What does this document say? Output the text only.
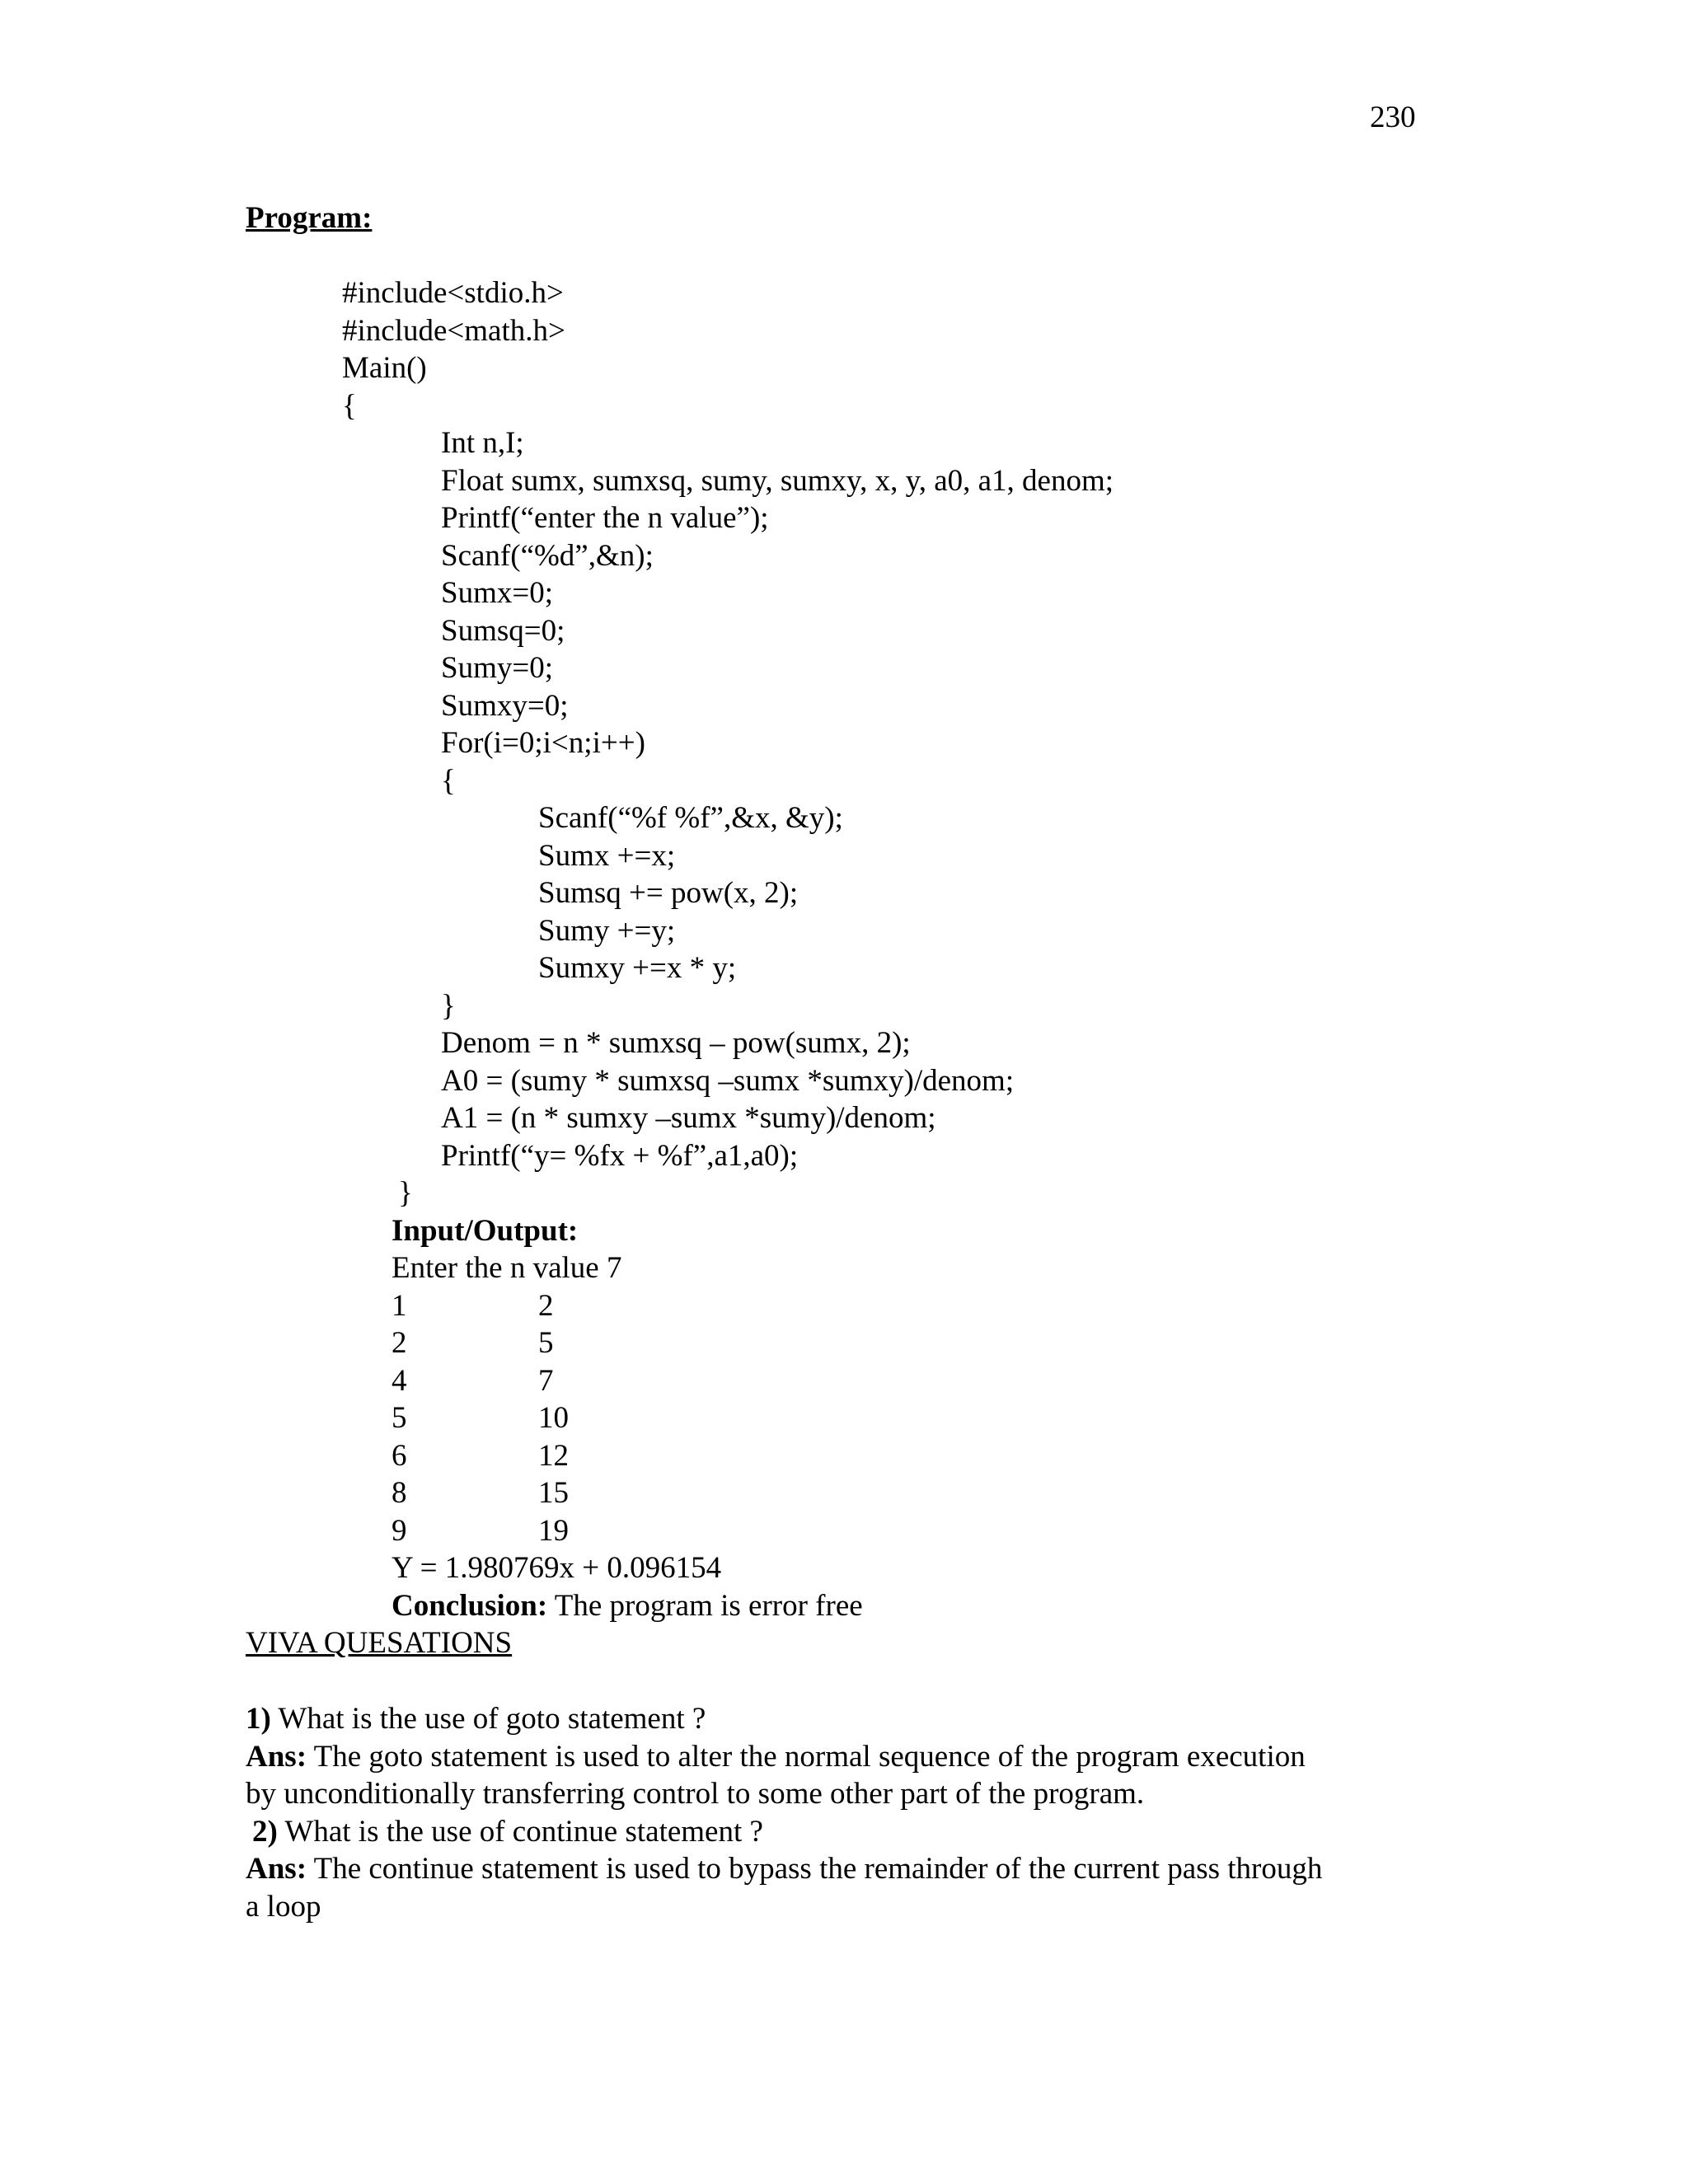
230
Program:
#include<stdio.h>
#include<math.h>
Main()
{
Int n,I;
Float sumx, sumxsq, sumy, sumxy, x, y, a0, a1, denom;
Printf(“enter the n value”);
Scanf(“%d”,&n);
Sumx=0;
Sumsq=0;
Sumy=0;
Sumxy=0;
For(i=0;i<n;i++)
{
Scanf(“%f %f”,&x, &y);
Sumx +=x;
Sumsq += pow(x, 2);
Sumy +=y;
Sumxy +=x * y;
}
Denom = n * sumxsq – pow(sumx, 2);
A0 = (sumy * sumxsq –sumx *sumxy)/denom;
A1 = (n * sumxy –sumx *sumy)/denom;
Printf(“y= %fx + %f”,a1,a0);
}
Input/Output:
Enter the n value 7
1	2
2	5
4	7
5	10
6	12
8	15
9	19
Y = 1.980769x + 0.096154
Conclusion: The program is error free
VIVA QUESATIONS
1) What is the use of goto statement ?
Ans: The goto statement is used to alter the normal sequence of the program execution
by unconditionally transferring control to some other part of the program.
2) What is the use of continue statement ?
Ans: The continue statement is used to bypass the remainder of the current pass through
a loop
